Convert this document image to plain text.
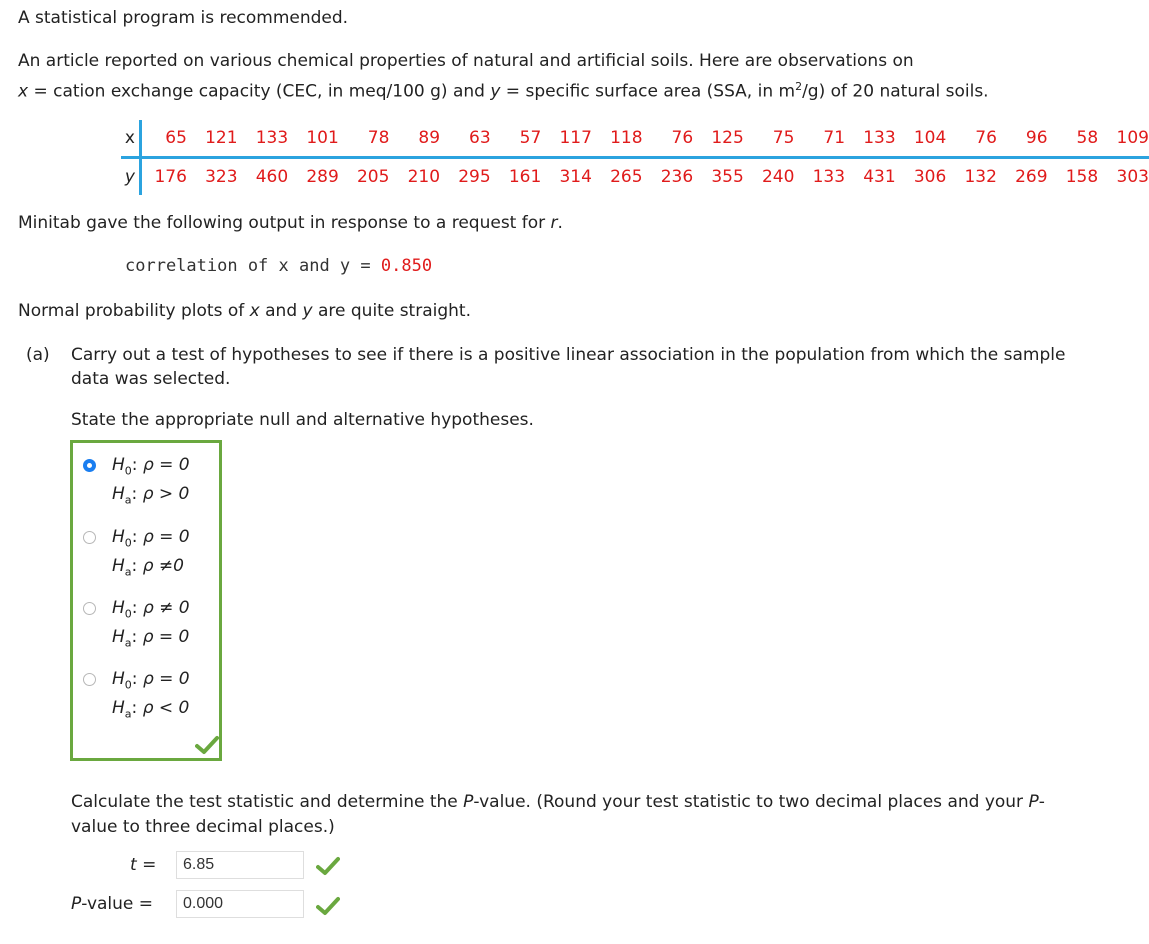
A statistical program is recommended.
An article reported on various chemical properties of natural and artificial soils. Here are observations on
x = cation exchange capacity (CEC, in meq/100 g) and y = specific surface area (SSA, in $m^2/g$) of 20 natural soils.
x	65	121	133	101	78	89	63	57	117	118	76	125	75	71	133	104	76	96	58	109
y	176	323	460	289	205	210	295	161	314	265	236	355	240	133	431	306	132	269	158	303
Minitab gave the following output in response to a request for r.
correlation of x and y = 0.850
Normal probability plots of x and y are quite straight.
(a) Carry out a test of hypotheses to see if there is a positive linear association in the population from which the sample
data was selected.
State the appropriate null and alternative hypotheses.
$H_0$: ρ = 0
$H_a$: ρ > 0
$H_0$: ρ = 0
$H_a$: ρ ≠0
$H_0$: ρ ≠ 0
$H_a$: ρ = 0
$H_0$: ρ = 0
$H_a$: ρ < 0
Calculate the test statistic and determine the P-value. (Round your test statistic to two decimal places and your P-
value to three decimal places.)
t =	6.85
P-value =	0.000
